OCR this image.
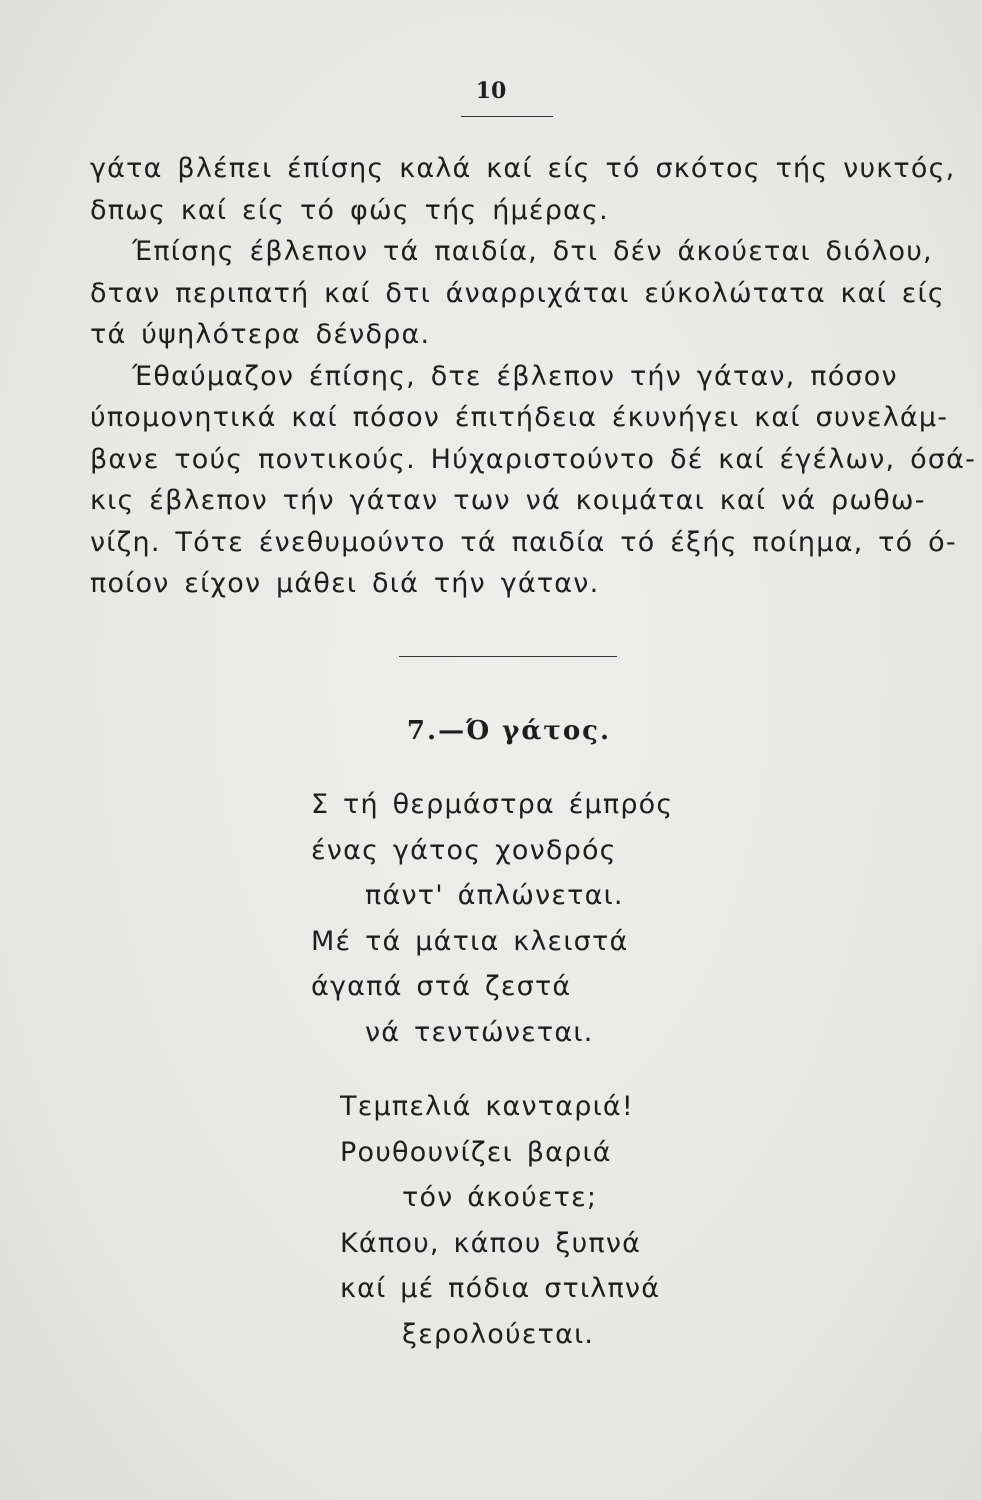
10
γάτα βλέπει έπίσης καλά καί είς τό σκότος τής νυκτός,
δπως καί είς τό φώς τής ήμέρας.
Έπίσης έβλεπον τά παιδία, δτι δέν άκούεται διόλου,
δταν περιπατή καί δτι άναρριχάται εύκολώτατα καί είς
τά ύψηλότερα δένδρα.
Έθαύμαζον έπίσης, δτε έβλεπον τήν γάταν, πόσον
ύπομονητικά καί πόσον έπιτήδεια έκυνήγει καί συνελάμ-
βανε τούς ποντικούς. Ηύχαριστούντο δέ καί έγέλων, όσά-
κις έβλεπον τήν γάταν των νά κοιμάται καί νά ρωθω-
νίζη. Τότε ένεθυμούντο τά παιδία τό έξής ποίημα, τό ό-
ποίον είχον μάθει διά τήν γάταν.
7.—Ό γάτος.
Σ τή θερμάστρα έμπρός
ένας γάτος χονδρός
πάντ' άπλώνεται.
Μέ τά μάτια κλειστά
άγαπά στά ζεστά
νά τεντώνεται.
Τεμπελιά κανταριά!
Ρουθουνίζει βαριά
τόν άκούετε;
Κάπου, κάπου ξυπνά
καί μέ πόδια στιλπνά
ξερολούεται.
